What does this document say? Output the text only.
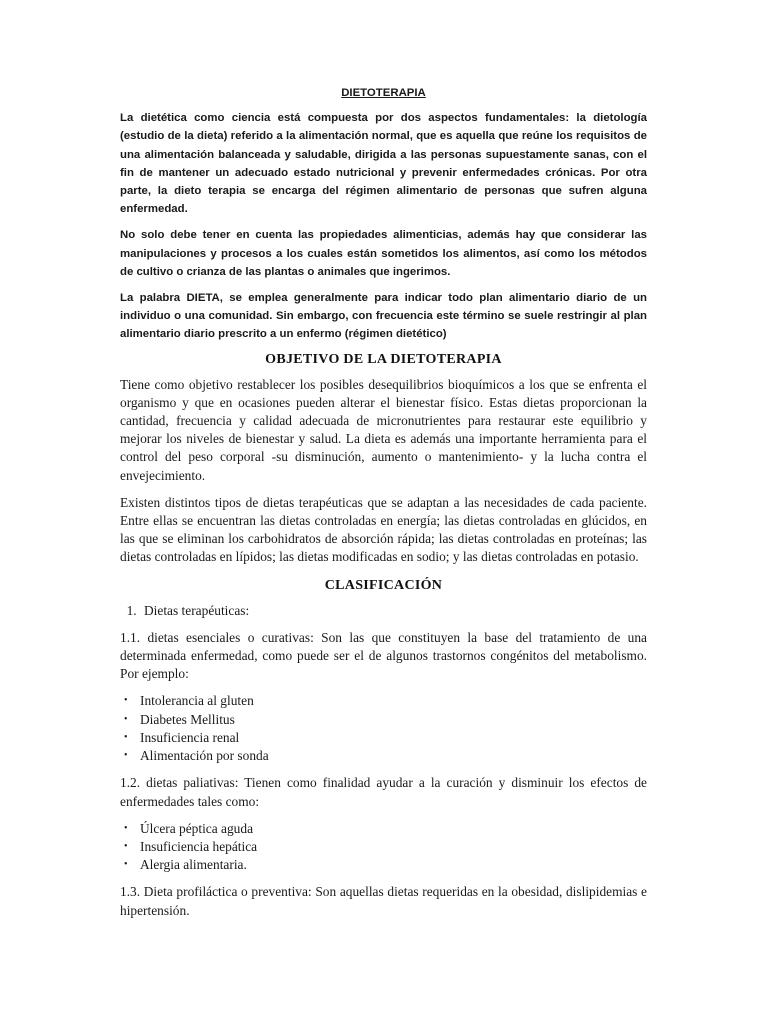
DIETOTERAPIA

La dietética como ciencia está compuesta por dos aspectos fundamentales: la dietología (estudio de la dieta) referido a la alimentación normal, que es aquella que reúne los requisitos de una alimentación balanceada y saludable, dirigida a las personas supuestamente sanas, con el fin de mantener un adecuado estado nutricional y prevenir enfermedades crónicas. Por otra parte, la dieto terapia se encarga del régimen alimentario de personas que sufren alguna enfermedad.

No solo debe tener en cuenta las propiedades alimenticias, además hay que considerar las manipulaciones y procesos a los cuales están sometidos los alimentos, así como los métodos de cultivo o crianza de las plantas o animales que ingerimos.

La palabra DIETA, se emplea generalmente para indicar todo plan alimentario diario de un individuo o una comunidad. Sin embargo, con frecuencia este término se suele restringir al plan alimentario diario prescrito a un enfermo (régimen dietético)

OBJETIVO DE LA DIETOTERAPIA

Tiene como objetivo restablecer los posibles desequilibrios bioquímicos a los que se enfrenta el organismo y que en ocasiones pueden alterar el bienestar físico. Estas dietas proporcionan la cantidad, frecuencia y calidad adecuada de micronutrientes para restaurar este equilibrio y mejorar los niveles de bienestar y salud. La dieta es además una importante herramienta para el control del peso corporal -su disminución, aumento o mantenimiento- y la lucha contra el envejecimiento.

Existen distintos tipos de dietas terapéuticas que se adaptan a las necesidades de cada paciente. Entre ellas se encuentran las dietas controladas en energía; las dietas controladas en glúcidos, en las que se eliminan los carbohidratos de absorción rápida; las dietas controladas en proteínas; las dietas controladas en lípidos; las dietas modificadas en sodio; y las dietas controladas en potasio.

CLASIFICACIÓN

1. Dietas terapéuticas:

1.1. dietas esenciales o curativas: Son las que constituyen la base del tratamiento de una determinada enfermedad, como puede ser el de algunos trastornos congénitos del metabolismo. Por ejemplo:

• Intolerancia al gluten
• Diabetes Mellitus
• Insuficiencia renal
• Alimentación por sonda

1.2. dietas paliativas: Tienen como finalidad ayudar a la curación y disminuir los efectos de enfermedades tales como:

• Úlcera péptica aguda
• Insuficiencia hepática
• Alergia alimentaria.

1.3. Dieta profiláctica o preventiva: Son aquellas dietas requeridas en la obesidad, dislipidemias e hipertensión.
